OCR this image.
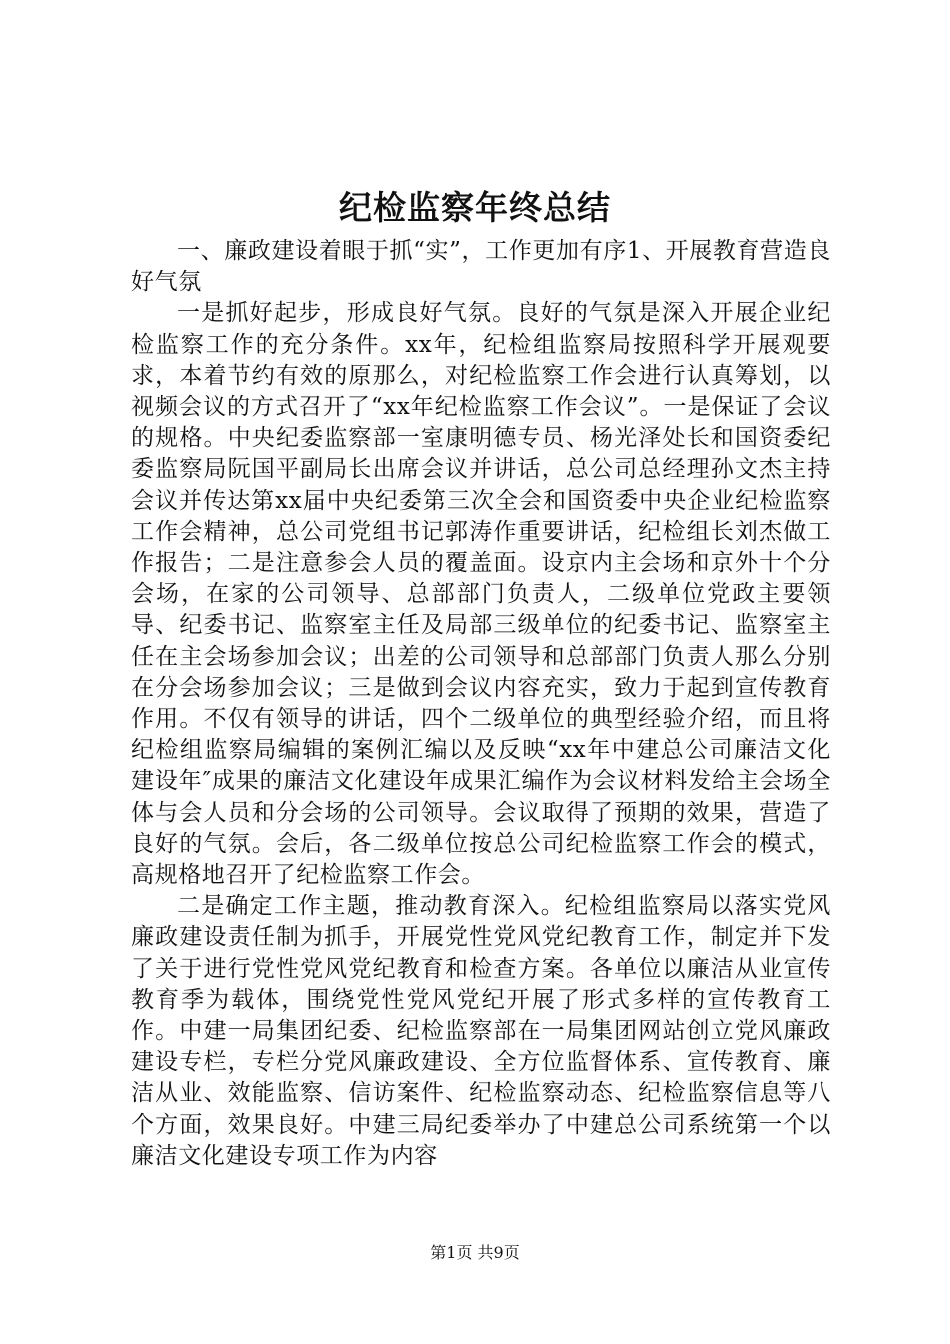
纪检监察年终总结

一、廉政建设着眼于抓“实”，工作更加有序1、开展教育营造良好气氛

一是抓好起步，形成良好气氛。良好的气氛是深入开展企业纪检监察工作的充分条件。xx年，纪检组监察局按照科学开展观要求，本着节约有效的原那么，对纪检监察工作会进行认真筹划，以视频会议的方式召开了“xx年纪检监察工作会议”。一是保证了会议的规格。中央纪委监察部一室康明德专员、杨光泽处长和国资委纪委监察局阮国平副局长出席会议并讲话，总公司总经理孙文杰主持会议并传达第xx届中央纪委第三次全会和国资委中央企业纪检监察工作会精神，总公司党组书记郭涛作重要讲话，纪检组长刘杰做工作报告；二是注意参会人员的覆盖面。设京内主会场和京外十个分会场，在家的公司领导、总部部门负责人，二级单位党政主要领导、纪委书记、监察室主任及局部三级单位的纪委书记、监察室主任在主会场参加会议；出差的公司领导和总部部门负责人那么分别在分会场参加会议；三是做到会议内容充实，致力于起到宣传教育作用。不仅有领导的讲话，四个二级单位的典型经验介绍，而且将纪检组监察局编辑的案例汇编以及反映“xx年中建总公司廉洁文化建设年″成果的廉洁文化建设年成果汇编作为会议材料发给主会场全体与会人员和分会场的公司领导。会议取得了预期的效果，营造了良好的气氛。会后，各二级单位按总公司纪检监察工作会的模式，高规格地召开了纪检监察工作会。

二是确定工作主题，推动教育深入。纪检组监察局以落实党风廉政建设责任制为抓手，开展党性党风党纪教育工作，制定并下发了关于进行党性党风党纪教育和检查方案。各单位以廉洁从业宣传教育季为载体，围绕党性党风党纪开展了形式多样的宣传教育工作。中建一局集团纪委、纪检监察部在一局集团网站创立党风廉政建设专栏，专栏分党风廉政建设、全方位监督体系、宣传教育、廉洁从业、效能监察、信访案件、纪检监察动态、纪检监察信息等八个方面，效果良好。中建三局纪委举办了中建总公司系统第一个以廉洁文化建设专项工作为内容

第1页 共9页
